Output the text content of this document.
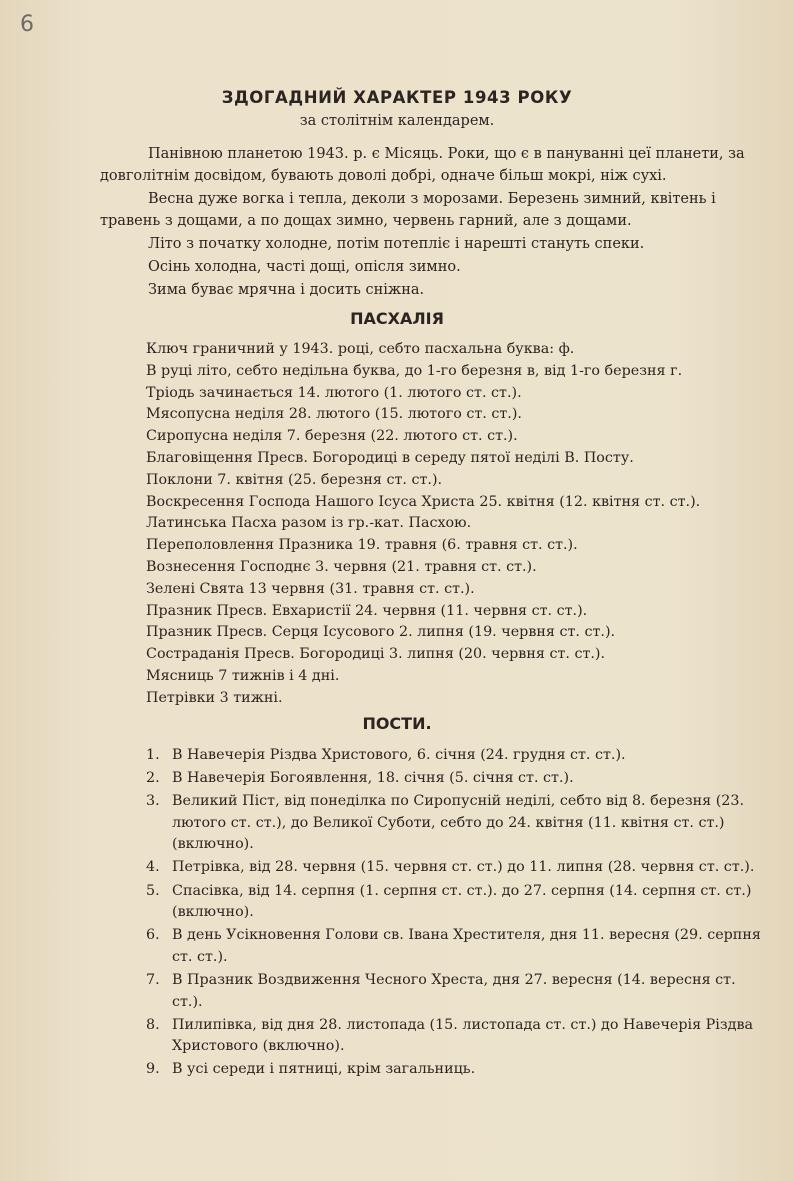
6
ЗДОГАДНИЙ ХАРАКТЕР 1943 РОКУ
за столітнім календарем.

Панівною планетою 1943. р. є Місяць. Роки, що є в пануванні цеї планети, за довголітнім досвідом, бувають доволі добрі, одначе більш мокрі, ніж сухі.

Весна дуже вогка і тепла, деколи з морозами. Березень зимний, квітень і травень з дощами, а по дощах зимно, червень гарний, але з дощами.

Літо з початку холодне, потім потепліє і нарешті стануть спеки.

Осінь холодна, часті дощі, опісля зимно.

Зима буває мрячна і досить сніжна.

ПАСХАЛІЯ
Ключ граничний у 1943. році, себто пасхальна буква: ф.
В руці літо, себто недільна буква, до 1-го березня в, від 1-го березня г.
Тріодь зачинається 14. лютого (1. лютого ст. ст.).
Мясопусна неділя 28. лютого (15. лютого ст. ст.).
Сиропусна неділя 7. березня (22. лютого ст. ст.).
Благовіщення Пресв. Богородиці в середу пятої неділі В. Посту.
Поклони 7. квітня (25. березня ст. ст.).
Воскресення Господа Нашого Ісуса Христа 25. квітня (12. квітня ст. ст.).
Латинська Пасха разом із гр.-кат. Пасхою.
Переполовлення Празника 19. травня (6. травня ст. ст.).
Вознесення Господнє 3. червня (21. травня ст. ст.).
Зелені Свята 13 червня (31. травня ст. ст.).
Празник Пресв. Евхаристії 24. червня (11. червня ст. ст.).
Празник Пресв. Серця Ісусового 2. липня (19. червня ст. ст.).
Состраданія Пресв. Богородиці 3. липня (20. червня ст. ст.).
Мясниць 7 тижнів і 4 дні.
Петрівки 3 тижні.
ПОСТИ.
1. В Навечерія Різдва Христового, 6. січня (24. грудня ст. ст.).
2. В Навечерія Богоявлення, 18. січня (5. січня ст. ст.).
3. Великий Піст, від понеділка по Сиропусній неділі, себто від 8. березня (23. лютого ст. ст.), до Великої Суботи, себто до 24. квітня (11. квітня ст. ст.) (включно).
4. Петрівка, від 28. червня (15. червня ст. ст.) до 11. липня (28. червня ст. ст.).
5. Спасівка, від 14. серпня (1. серпня ст. ст.). до 27. серпня (14. серпня ст. ст.) (включно).
6. В день Усікновення Голови св. Івана Хрестителя, дня 11. вересня (29. серпня ст. ст.).
7. В Празник Воздвиження Чесного Хреста, дня 27. вересня (14. вересня ст. ст.).
8. Пилипівка, від дня 28. листопада (15. листопада ст. ст.) до Навечерія Різдва Христового (включно).
9. В усі середи і пятниці, крім загальниць.
